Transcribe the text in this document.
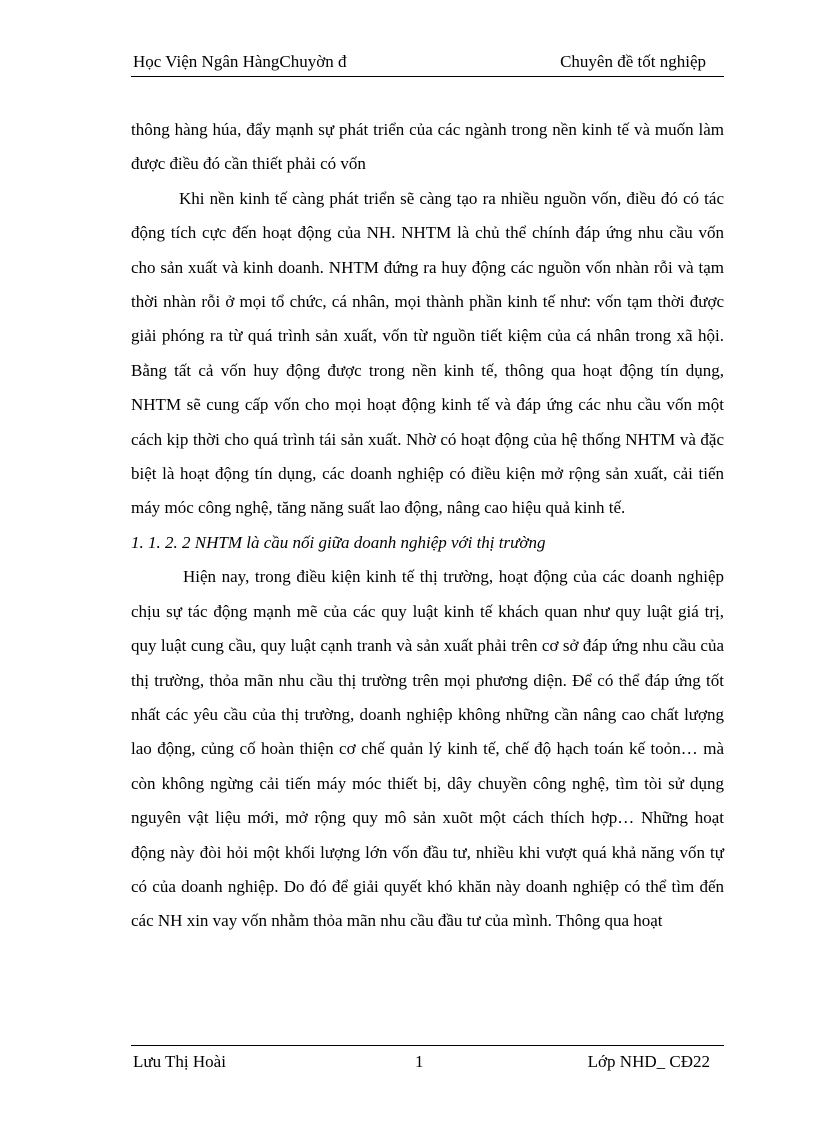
Học Viện Ngân HàngChuyờn đ	Chuyên đề tốt nghiệp

thông hàng húa, đẩy mạnh sự phát triển của các ngành trong nền kinh tế và muốn làm được điều đó cần thiết phải có vốn

Khi nền kinh tế càng phát triển sẽ càng tạo ra nhiều nguồn vốn, điều đó có tác động tích cực đến hoạt động của NH. NHTM là chủ thể chính đáp ứng nhu cầu vốn cho sản xuất và kinh doanh. NHTM đứng ra huy động các nguồn vốn nhàn rỗi và tạm thời nhàn rỗi ở mọi tổ chức, cá nhân, mọi thành phần kinh tế như: vốn tạm thời được giải phóng ra từ quá trình sản xuất, vốn từ nguồn tiết kiệm của cá nhân trong xã hội. Bằng tất cả vốn huy động được trong nền kinh tế, thông qua hoạt động tín dụng, NHTM sẽ cung cấp vốn cho mọi hoạt động kinh tế và đáp ứng các nhu cầu vốn một cách kịp thời cho quá trình tái sản xuất. Nhờ có hoạt động của hệ thống NHTM và đặc biệt là hoạt động tín dụng, các doanh nghiệp có điều kiện mở rộng sản xuất, cải tiến máy móc công nghệ, tăng năng suất lao động, nâng cao hiệu quả kinh tế.

1. 1. 2. 2 NHTM là cầu nối giữa doanh nghiệp với thị trường

Hiện nay, trong điều kiện kinh tế thị trường, hoạt động của các doanh nghiệp chịu sự tác động mạnh mẽ của các quy luật kinh tế khách quan như quy luật giá trị, quy luật cung cầu, quy luật cạnh tranh và sản xuất phải trên cơ sở đáp ứng nhu cầu của thị trường, thỏa mãn nhu cầu thị trường trên mọi phương diện. Để có thể đáp ứng tốt nhất các yêu cầu của thị trường, doanh nghiệp không những cần nâng cao chất lượng lao động, củng cố hoàn thiện cơ chế quản lý kinh tế, chế độ hạch toán kế toỏn… mà còn không ngừng cải tiến máy móc thiết bị, dây chuyền công nghệ, tìm tòi sử dụng nguyên vật liệu mới, mở rộng quy mô sản xuõt một cách thích hợp… Những hoạt động này đòi hỏi một khối lượng lớn vốn đầu tư, nhiều khi vượt quá khả năng vốn tự có của doanh nghiệp. Do đó để giải quyết khó khăn này doanh nghiệp có thể tìm đến các NH xin vay vốn nhằm thỏa mãn nhu cầu đầu tư của mình. Thông qua hoạt

Lưu Thị Hoài	1	Lớp NHD_ CĐ22
